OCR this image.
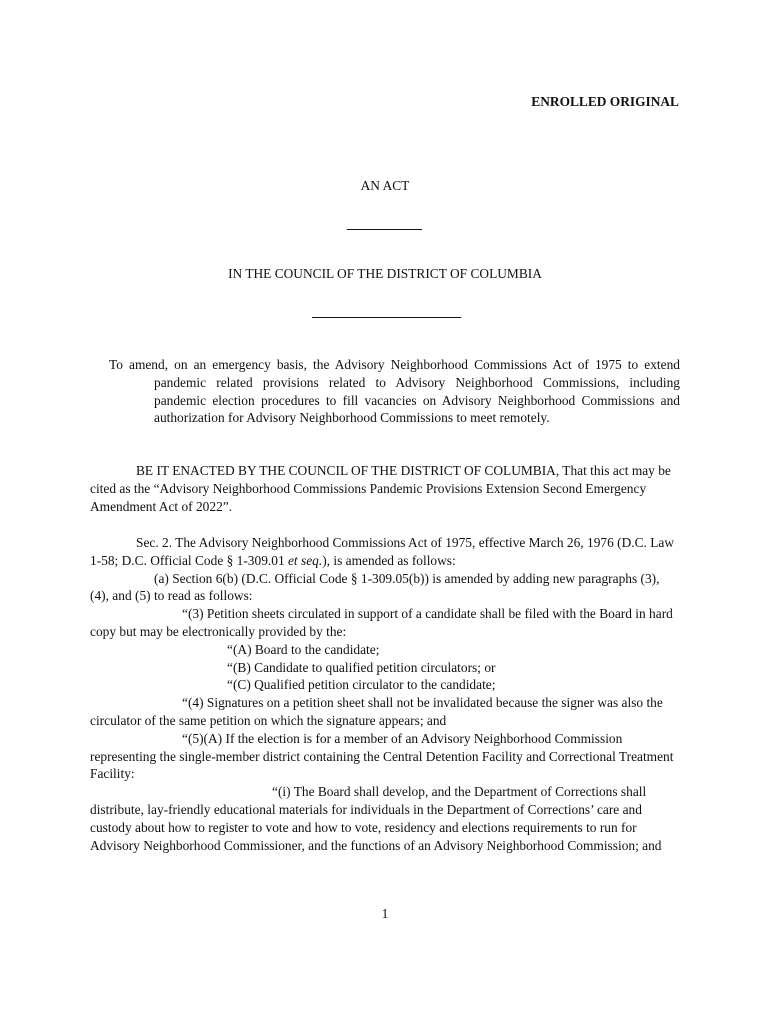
ENROLLED ORIGINAL
AN ACT
IN THE COUNCIL OF THE DISTRICT OF COLUMBIA

To amend, on an emergency basis, the Advisory Neighborhood Commissions Act of 1975 to extend pandemic related provisions related to Advisory Neighborhood Commissions, including pandemic election procedures to fill vacancies on Advisory Neighborhood Commissions and authorization for Advisory Neighborhood Commissions to meet remotely.

BE IT ENACTED BY THE COUNCIL OF THE DISTRICT OF COLUMBIA, That this act may be cited as the “Advisory Neighborhood Commissions Pandemic Provisions Extension Second Emergency Amendment Act of 2022”.

Sec. 2. The Advisory Neighborhood Commissions Act of 1975, effective March 26, 1976 (D.C. Law 1-58; D.C. Official Code § 1-309.01 et seq.), is amended as follows:

(a) Section 6(b) (D.C. Official Code § 1-309.05(b)) is amended by adding new paragraphs (3), (4), and (5) to read as follows:

“(3) Petition sheets circulated in support of a candidate shall be filed with the Board in hard copy but may be electronically provided by the:

“(A) Board to the candidate;

“(B) Candidate to qualified petition circulators; or

“(C) Qualified petition circulator to the candidate;

“(4) Signatures on a petition sheet shall not be invalidated because the signer was also the circulator of the same petition on which the signature appears; and

“(5)(A) If the election is for a member of an Advisory Neighborhood Commission representing the single-member district containing the Central Detention Facility and Correctional Treatment Facility:

“(i) The Board shall develop, and the Department of Corrections shall distribute, lay-friendly educational materials for individuals in the Department of Corrections’ care and custody about how to register to vote and how to vote, residency and elections requirements to run for Advisory Neighborhood Commissioner, and the functions of an Advisory Neighborhood Commission; and

1
